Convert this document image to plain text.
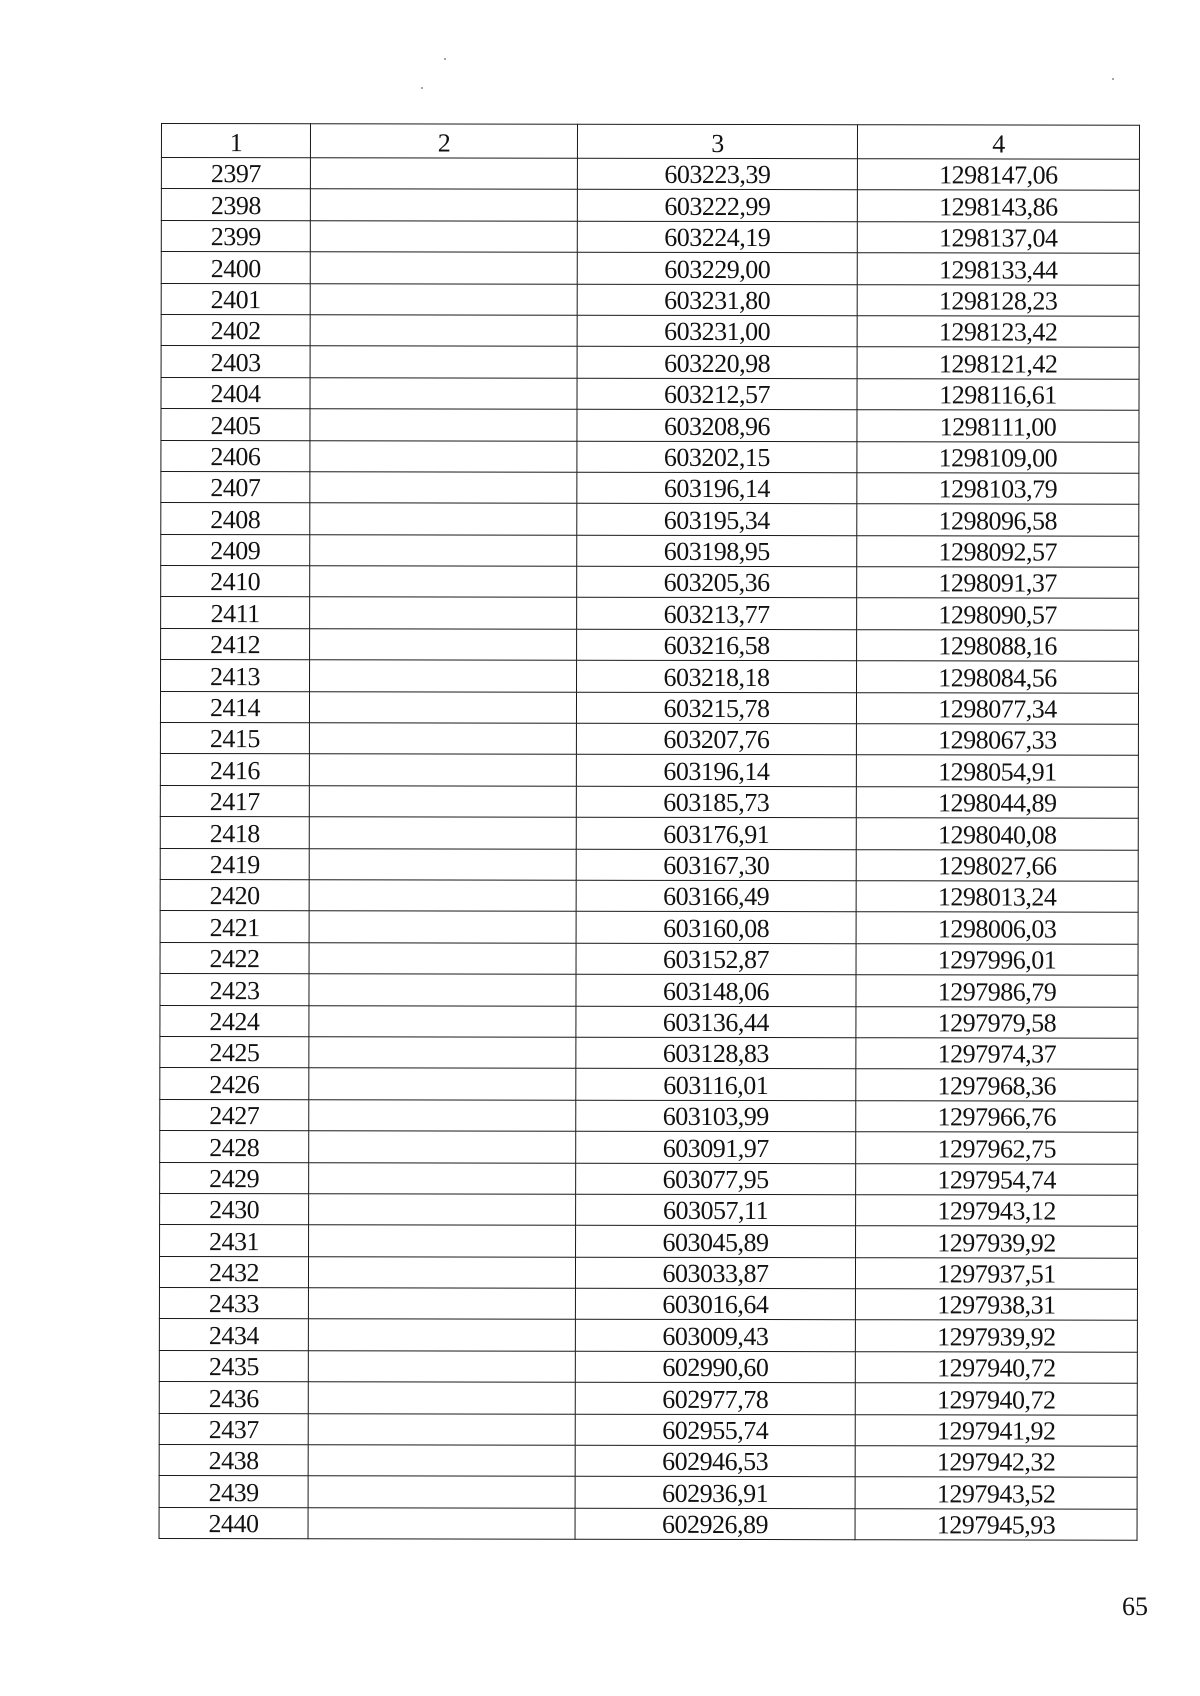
1	2	3	4
2397		603223,39	1298147,06
2398		603222,99	1298143,86
2399		603224,19	1298137,04
2400		603229,00	1298133,44
2401		603231,80	1298128,23
2402		603231,00	1298123,42
2403		603220,98	1298121,42
2404		603212,57	1298116,61
2405		603208,96	1298111,00
2406		603202,15	1298109,00
2407		603196,14	1298103,79
2408		603195,34	1298096,58
2409		603198,95	1298092,57
2410		603205,36	1298091,37
2411		603213,77	1298090,57
2412		603216,58	1298088,16
2413		603218,18	1298084,56
2414		603215,78	1298077,34
2415		603207,76	1298067,33
2416		603196,14	1298054,91
2417		603185,73	1298044,89
2418		603176,91	1298040,08
2419		603167,30	1298027,66
2420		603166,49	1298013,24
2421		603160,08	1298006,03
2422		603152,87	1297996,01
2423		603148,06	1297986,79
2424		603136,44	1297979,58
2425		603128,83	1297974,37
2426		603116,01	1297968,36
2427		603103,99	1297966,76
2428		603091,97	1297962,75
2429		603077,95	1297954,74
2430		603057,11	1297943,12
2431		603045,89	1297939,92
2432		603033,87	1297937,51
2433		603016,64	1297938,31
2434		603009,43	1297939,92
2435		602990,60	1297940,72
2436		602977,78	1297940,72
2437		602955,74	1297941,92
2438		602946,53	1297942,32
2439		602936,91	1297943,52
2440		602926,89	1297945,93
65
